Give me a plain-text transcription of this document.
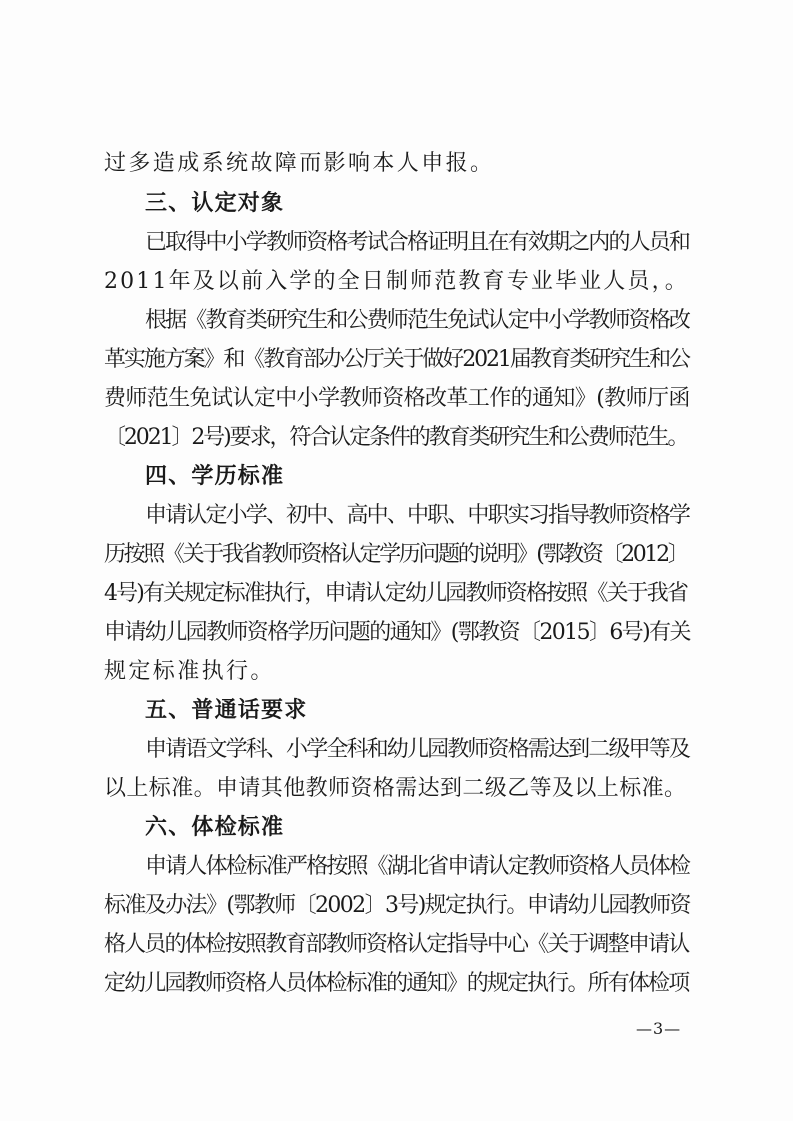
过多造成系统故障而影响本人申报。
三、认定对象
已取得中小学教师资格考试合格证明且在有效期之内的人员和
2011年及以前入学的全日制师范教育专业毕业人员，。
根据《教育类研究生和公费师范生免试认定中小学教师资格改
革实施方案》和《教育部办公厅关于做好2021届教育类研究生和公
费师范生免试认定中小学教师资格改革工作的通知》(教师厅函
〔2021〕2号)要求，符合认定条件的教育类研究生和公费师范生。
四、学历标准
申请认定小学、初中、高中、中职、中职实习指导教师资格学
历按照《关于我省教师资格认定学历问题的说明》(鄂教资〔2012〕
4号)有关规定标准执行，申请认定幼儿园教师资格按照《关于我省
申请幼儿园教师资格学历问题的通知》(鄂教资〔2015〕6号)有关
规定标准执行。
五、普通话要求
申请语文学科、小学全科和幼儿园教师资格需达到二级甲等及
以上标准。申请其他教师资格需达到二级乙等及以上标准。
六、体检标准
申请人体检标准严格按照《湖北省申请认定教师资格人员体检
标准及办法》(鄂教师〔2002〕3号)规定执行。申请幼儿园教师资
格人员的体检按照教育部教师资格认定指导中心《关于调整申请认
定幼儿园教师资格人员体检标准的通知》的规定执行。所有体检项
—3—
